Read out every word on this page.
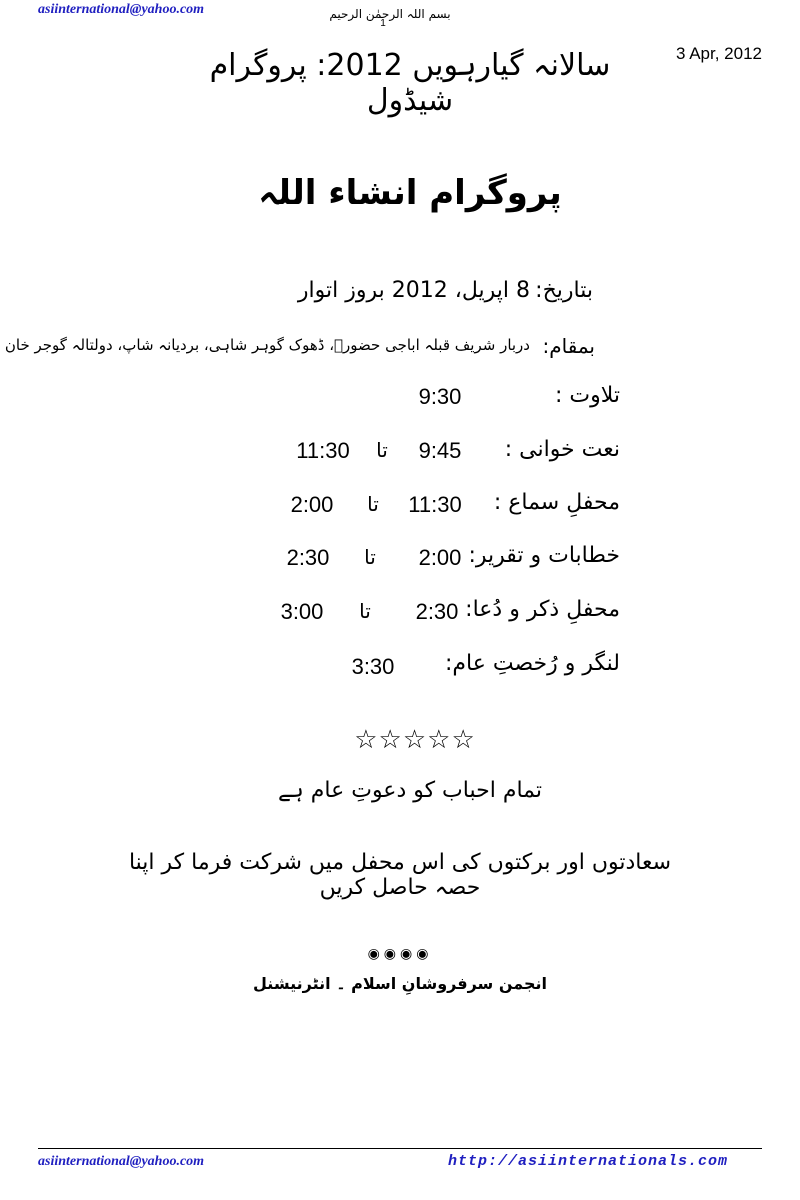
asiinternational@yahoo.com	بسم اللہ الرحمٰن الرحیم
1
3 Apr, 2012
سالانہ گیارہویں 2012: پروگرام شیڈول
پروگرام انشاء اللہ
بتاریخ:
8 اپریل، 2012 بروز اتوار
بمقام:
دربار شریف قبلہ اباجی حضورؒ، ڈھوک گوہر شاہی، بردیانہ شاپ، دولتالہ گوجر خان
تلاوت :
9:30
نعت خوانی :
9:45
تا
11:30
محفلِ سماع :
11:30
تا
2:00
خطابات و تقریر:
2:00
تا
2:30
محفلِ ذکر و دُعا:
2:30
تا
3:00
لنگر و رُخصتِ عام:
3:30
☆☆☆☆☆
تمام احباب کو دعوتِ عام ہے
سعادتوں اور برکتوں کی اس محفل میں شرکت فرما کر اپنا حصہ حاصل کریں
◉◉◉◉
انجمن سرفروشانِ اسلام ۔ انٹرنیشنل
asiinternational@yahoo.com	http://asiinternationals.com
